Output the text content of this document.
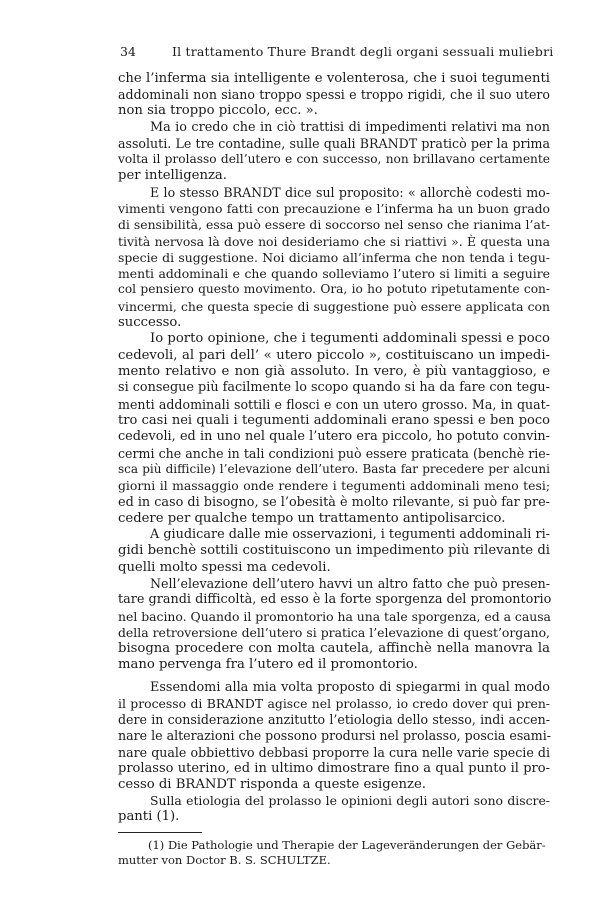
34	Il trattamento Thure Brandt degli organi sessuali muliebri
che l’inferma sia intelligente e volenterosa, che i suoi tegumenti
addominali non siano troppo spessi e troppo rigidi, che il suo utero
non sia troppo piccolo, ecc. ».
Ma io credo che in ciò trattisi di impedimenti relativi ma non
assoluti. Le tre contadine, sulle quali BRANDT praticò per la prima
volta il prolasso dell’utero e con successo, non brillavano certamente
per intelligenza.
E lo stesso BRANDT dice sul proposito: « allorchè codesti mo-
vimenti vengono fatti con precauzione e l’inferma ha un buon grado
di sensibilità, essa può essere di soccorso nel senso che rianima l’at-
tività nervosa là dove noi desideriamo che si riattivi ». È questa una
specie di suggestione. Noi diciamo all’inferma che non tenda i tegu-
menti addominali e che quando solleviamo l’utero si limiti a seguire
col pensiero questo movimento. Ora, io ho potuto ripetutamente con-
vincermi, che questa specie di suggestione può essere applicata con
successo.
Io porto opinione, che i tegumenti addominali spessi e poco
cedevoli, al pari dell’ « utero piccolo », costituiscano un impedi-
mento relativo e non già assoluto. In vero, è più vantaggioso, e
si consegue più facilmente lo scopo quando si ha da fare con tegu-
menti addominali sottili e flosci e con un utero grosso. Ma, in quat-
tro casi nei quali i tegumenti addominali erano spessi e ben poco
cedevoli, ed in uno nel quale l’utero era piccolo, ho potuto convin-
cermi che anche in tali condizioni può essere praticata (benchè rie-
sca più difficile) l’elevazione dell’utero. Basta far precedere per alcuni
giorni il massaggio onde rendere i tegumenti addominali meno tesi;
ed in caso di bisogno, se l’obesità è molto rilevante, si può far pre-
cedere per qualche tempo un trattamento antipolisarcico.
A giudicare dalle mie osservazioni, i tegumenti addominali ri-
gidi benchè sottili costituiscono un impedimento più rilevante di
quelli molto spessi ma cedevoli.
Nell’elevazione dell’utero havvi un altro fatto che può presen-
tare grandi difficoltà, ed esso è la forte sporgenza del promontorio
nel bacino. Quando il promontorio ha una tale sporgenza, ed a causa
della retroversione dell’utero si pratica l’elevazione di quest’organo,
bisogna procedere con molta cautela, affinchè nella manovra la
mano pervenga fra l’utero ed il promontorio.
Essendomi alla mia volta proposto di spiegarmi in qual modo
il processo di BRANDT agisce nel prolasso, io credo dover qui pren-
dere in considerazione anzitutto l’etiologia dello stesso, indi accen-
nare le alterazioni che possono prodursi nel prolasso, poscia esami-
nare quale obbiettivo debbasi proporre la cura nelle varie specie di
prolasso uterino, ed in ultimo dimostrare fino a qual punto il pro-
cesso di BRANDT risponda a queste esigenze.
Sulla etiologia del prolasso le opinioni degli autori sono discre-
panti (1).
(1) Die Pathologie und Therapie der Lageveränderungen der Gebär-
mutter von Doctor B. S. SCHULTZE.
